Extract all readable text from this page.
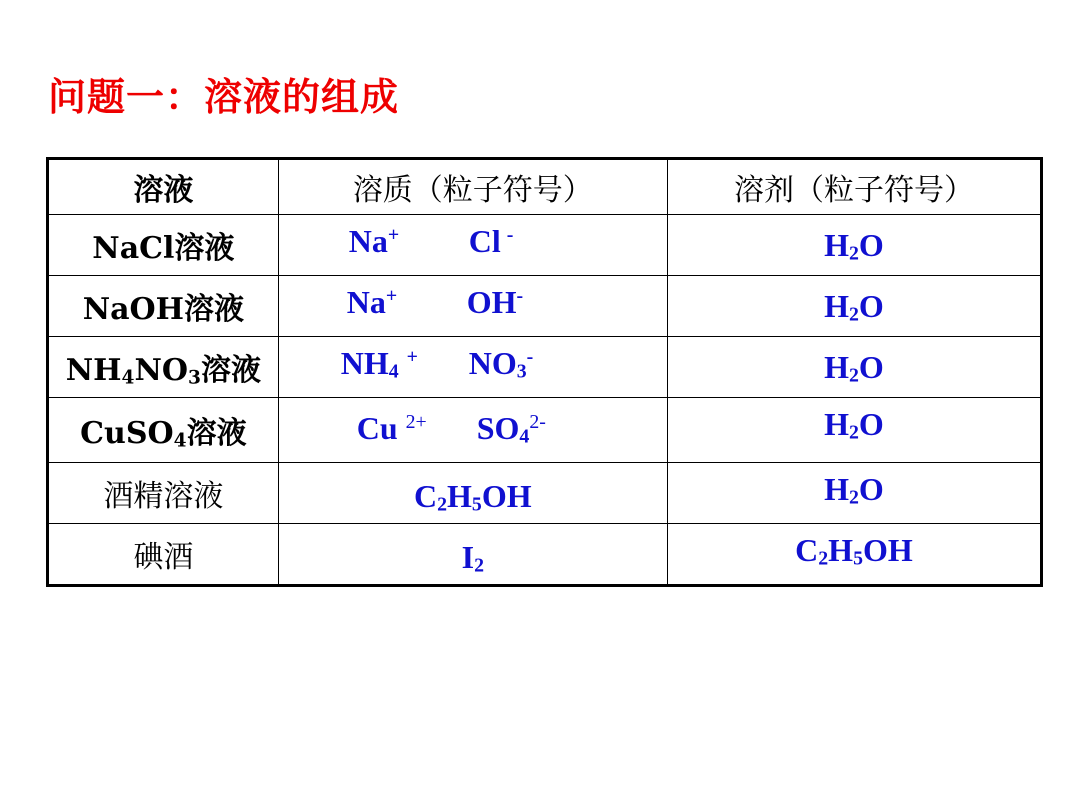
问题一：溶液的组成
溶液	溶质（粒子符号）	溶剂（粒子符号）
NaCl溶液	Na+ Cl -	$H_2O$

NaOH溶液	Na+ OH-	$H_2O$

$NH_4NO_3$溶液	$NH_4^+$ $NO_3^-$	$H_2O$

CuSO$_4$溶液	Cu $^{2+}$ $SO_4^{2-}$	$H_2O$

酒精溶液	$C_2H_5OH$	$H_2O$

碘酒	$I_2$	$C_2H_5OH$
